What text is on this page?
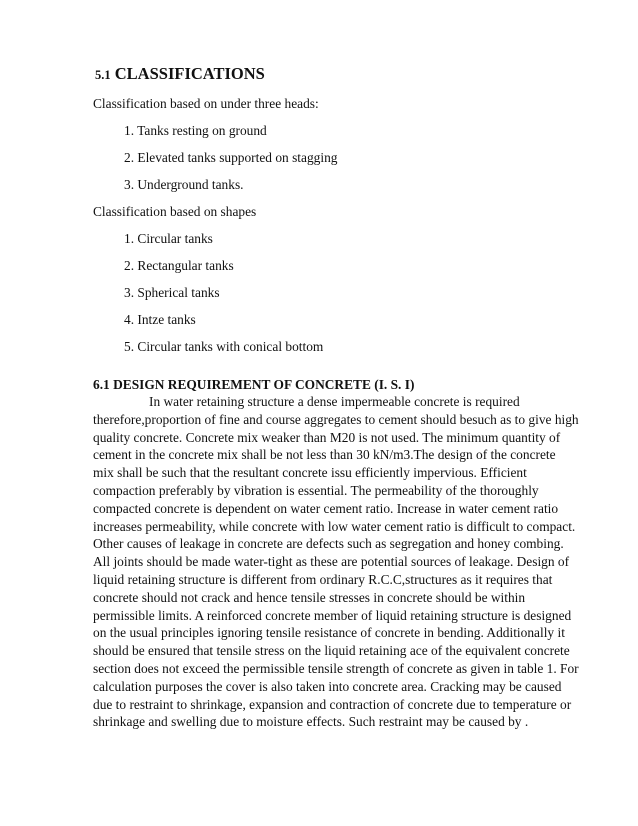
5.1 CLASSIFICATIONS
Classification based on under three heads:
1. Tanks resting on ground
2. Elevated tanks supported on stagging
3. Underground tanks.
Classification based on shapes
1. Circular tanks
2. Rectangular tanks
3. Spherical tanks
4. Intze tanks
5. Circular tanks with conical bottom
6.1 DESIGN REQUIREMENT OF CONCRETE (I. S. I)
In water retaining structure a dense impermeable concrete is required
therefore,proportion of fine and course aggregates to cement should besuch as to give high
quality concrete. Concrete mix weaker than M20 is not used. The minimum quantity of
cement in the concrete mix shall be not less than 30 kN/m3.The design of the concrete
mix shall be such that the resultant concrete issu efficiently impervious. Efficient
compaction preferably by vibration is essential. The permeability of the thoroughly
compacted concrete is dependent on water cement ratio. Increase in water cement ratio
increases permeability, while concrete with low water cement ratio is difficult to compact.
Other causes of leakage in concrete are defects such as segregation and honey combing.
All joints should be made water-tight as these are potential sources of leakage. Design of
liquid retaining structure is different from ordinary R.C.C,structures as it requires that
concrete should not crack and hence tensile stresses in concrete should be within
permissible limits. A reinforced concrete member of liquid retaining structure is designed
on the usual principles ignoring tensile resistance of concrete in bending. Additionally it
should be ensured that tensile stress on the liquid retaining ace of the equivalent concrete
section does not exceed the permissible tensile strength of concrete as given in table 1. For
calculation purposes the cover is also taken into concrete area. Cracking may be caused
due to restraint to shrinkage, expansion and contraction of concrete due to temperature or
shrinkage and swelling due to moisture effects. Such restraint may be caused by .
